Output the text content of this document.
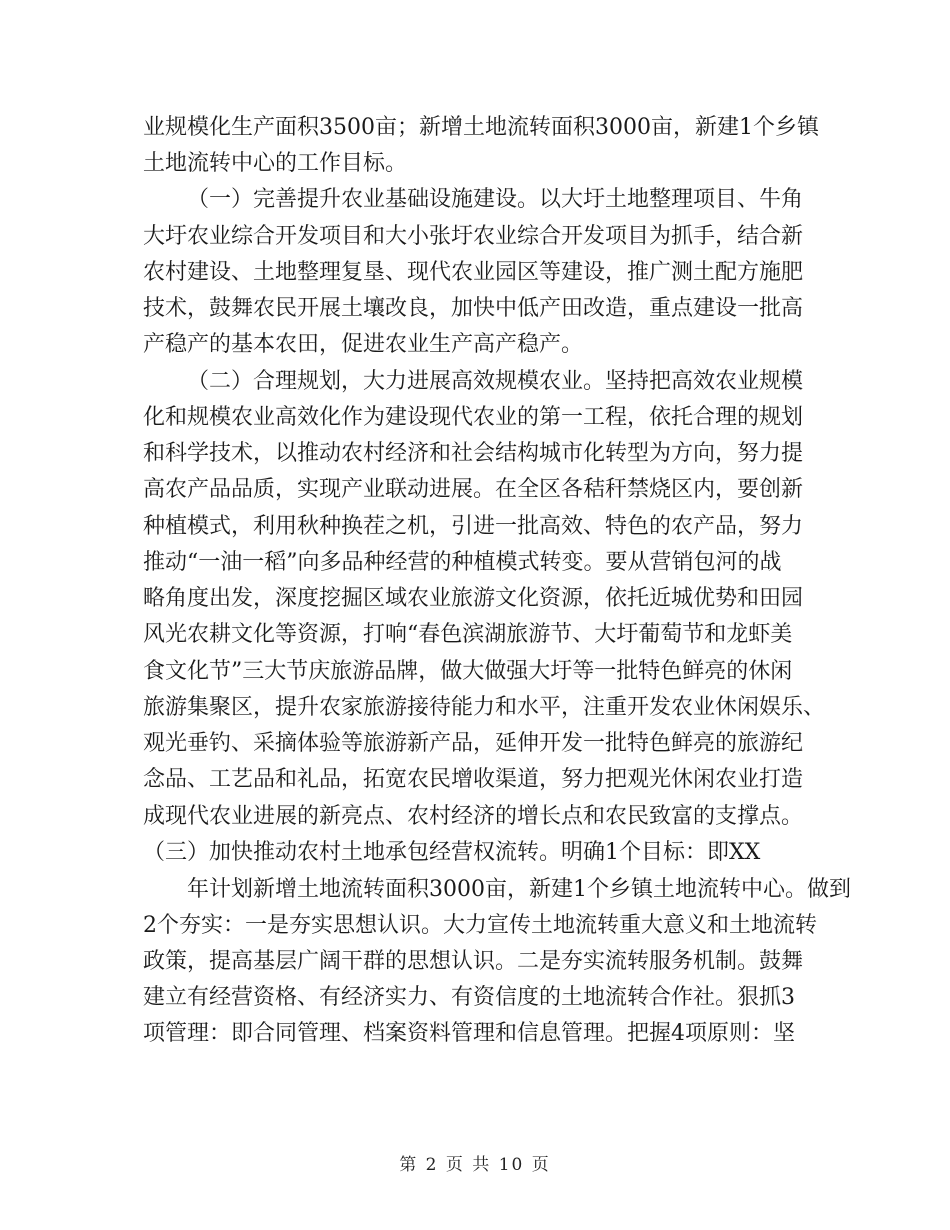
业规模化生产面积3500亩；新增土地流转面积3000亩，新建1个乡镇
土地流转中心的工作目标。
（一）完善提升农业基础设施建设。以大圩土地整理项目、牛角
大圩农业综合开发项目和大小张圩农业综合开发项目为抓手，结合新
农村建设、土地整理复垦、现代农业园区等建设，推广测土配方施肥
技术，鼓舞农民开展土壤改良，加快中低产田改造，重点建设一批高
产稳产的基本农田，促进农业生产高产稳产。
（二）合理规划，大力进展高效规模农业。坚持把高效农业规模
化和规模农业高效化作为建设现代农业的第一工程，依托合理的规划
和科学技术，以推动农村经济和社会结构城市化转型为方向，努力提
高农产品品质，实现产业联动进展。在全区各秸秆禁烧区内，要创新
种植模式，利用秋种换茬之机，引进一批高效、特色的农产品，努力
推动“一油一稻”向多品种经营的种植模式转变。要从营销包河的战
略角度出发，深度挖掘区域农业旅游文化资源，依托近城优势和田园
风光农耕文化等资源，打响“春色滨湖旅游节、大圩葡萄节和龙虾美
食文化节”三大节庆旅游品牌，做大做强大圩等一批特色鲜亮的休闲
旅游集聚区，提升农家旅游接待能力和水平，注重开发农业休闲娱乐、
观光垂钓、采摘体验等旅游新产品，延伸开发一批特色鲜亮的旅游纪
念品、工艺品和礼品，拓宽农民增收渠道，努力把观光休闲农业打造
成现代农业进展的新亮点、农村经济的增长点和农民致富的支撑点。
（三）加快推动农村土地承包经营权流转。明确1个目标：即XX
年计划新增土地流转面积3000亩，新建1个乡镇土地流转中心。做到
2个夯实：一是夯实思想认识。大力宣传土地流转重大意义和土地流转
政策，提高基层广阔干群的思想认识。二是夯实流转服务机制。鼓舞
建立有经营资格、有经济实力、有资信度的土地流转合作社。狠抓3
项管理：即合同管理、档案资料管理和信息管理。把握4项原则：坚
第 2 页 共 10 页
